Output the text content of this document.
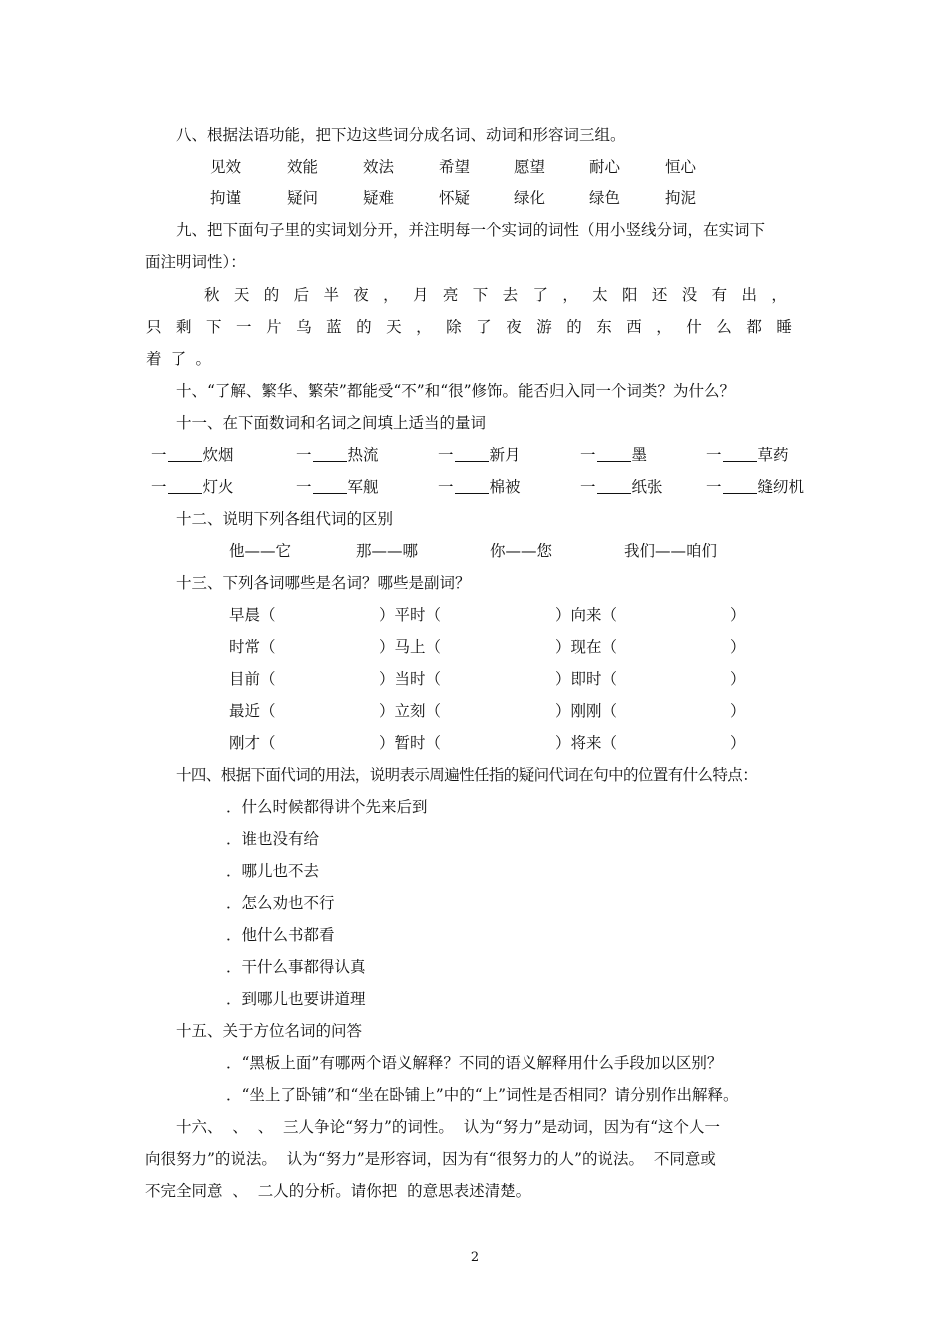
八、根据法语功能，把下边这些词分成名词、动词和形容词三组。
见效	效能	效法	希望	愿望	耐心	恒心
拘谨	疑问	疑难	怀疑	绿化	绿色	拘泥
九、把下面句子里的实词划分开，并注明每一个实词的词性（用小竖线分词，在实词下
面注明词性）：
秋 天 的 后 半 夜 ， 月 亮 下 去 了 ， 太 阳 还 没 有 出 ，
只 剩 下 一 片 乌 蓝 的 天 ， 除 了 夜 游 的 东 西 ， 什 么 都 睡
着 了 。
十、“了解、繁华、繁荣”都能受“不”和“很”修饰。能否归入同一个词类？为什么？
十一、在下面数词和名词之间填上适当的量词
一 炊烟	一 热流	一 新月	一 墨	一 草药
一 灯火	一 军舰	一 棉被	一 纸张	一 缝纫机
十二、说明下列各组代词的区别
他——它	那——哪	你——您	我们——咱们
十三、下列各词哪些是名词？哪些是副词？
早晨（	）平时（	）向来（	）
时常（	）马上（	）现在（	）
目前（	）当时（	）即时（	）
最近（	）立刻（	）刚刚（	）
刚才（	）暂时（	）将来（	）
十四、根据下面代词的用法，说明表示周遍性任指的疑问代词在句中的位置有什么特点：
．什么时候都得讲个先来后到
．谁也没有给
．哪儿也不去
．怎么劝也不行
．他什么书都看
．干什么事都得认真
．到哪儿也要讲道理
十五、关于方位名词的问答
．“黑板上面”有哪两个语义解释？不同的语义解释用什么手段加以区别？
．“坐上了卧铺”和“坐在卧铺上”中的“上”词性是否相同？请分别作出解释。
十六、  、  、  三人争论“努力”的词性。  认为“努力”是动词，因为有“这个人一
向很努力”的说法。  认为“努力”是形容词，因为有“很努力的人”的说法。  不同意或
不完全同意  、  二人的分析。请你把  的意思表述清楚。
2
